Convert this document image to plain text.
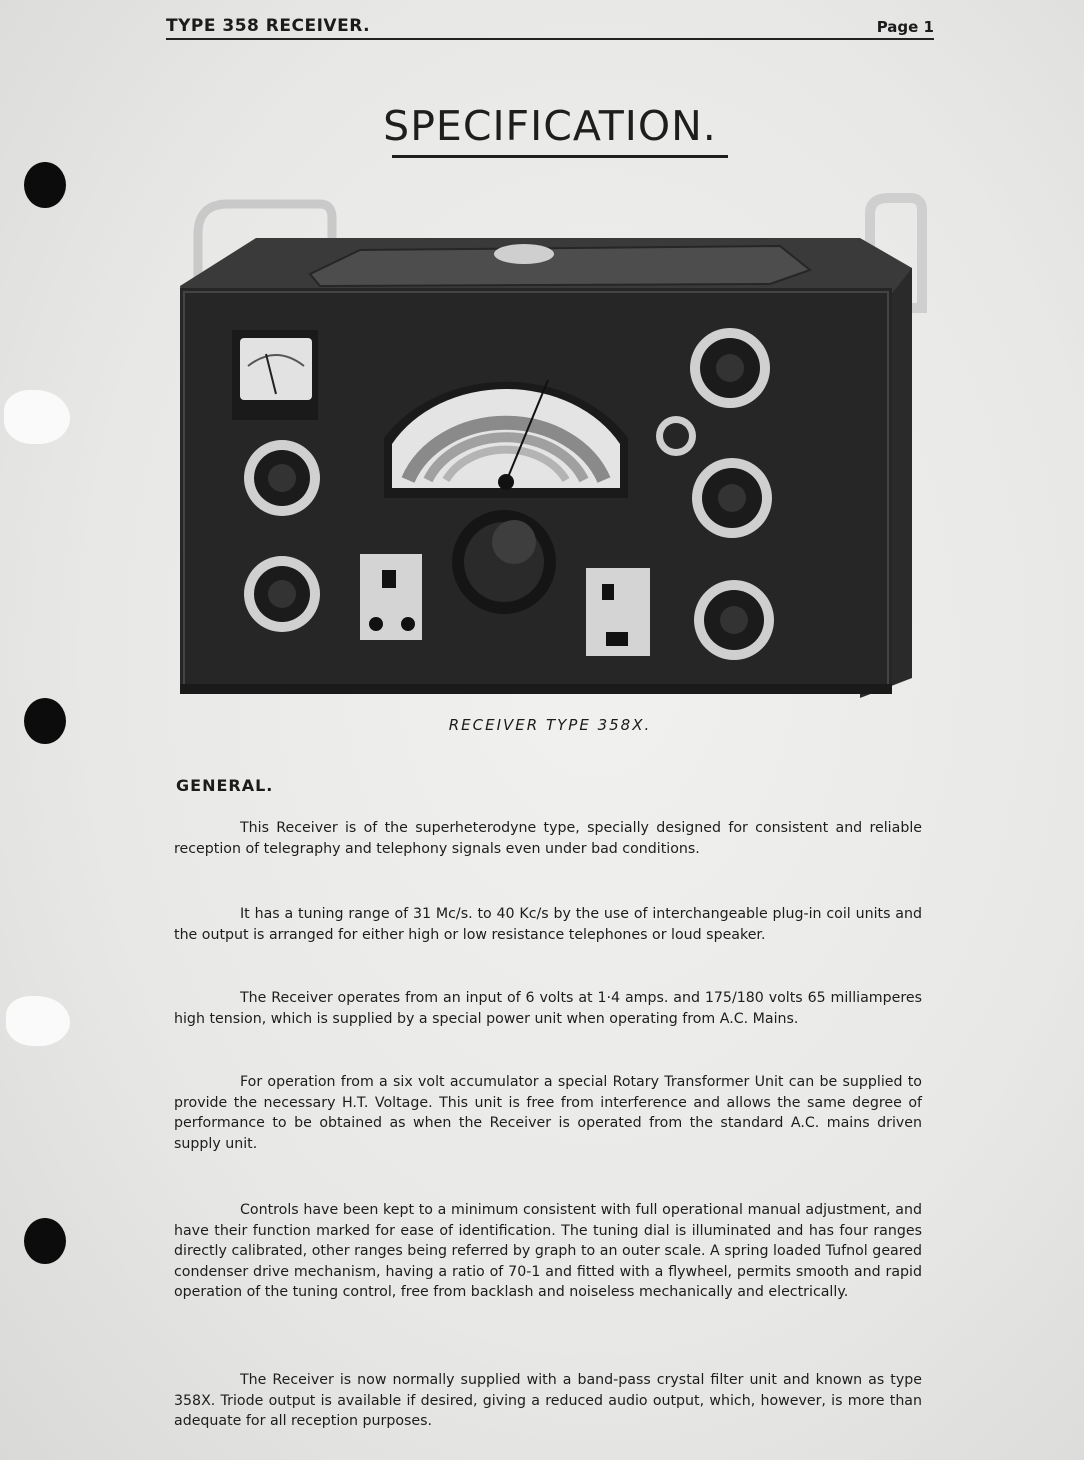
TYPE 358 RECEIVER.	Page 1
SPECIFICATION.
RECEIVER TYPE 358X.
GENERAL.
This Receiver is of the superheterodyne type, specially designed for consistent and reliable reception of telegraphy and telephony signals even under bad conditions.
It has a tuning range of 31 Mc/s. to 40 Kc/s by the use of interchangeable plug-in coil units and the output is arranged for either high or low resistance telephones or loud speaker.
The Receiver operates from an input of 6 volts at 1·4 amps. and 175/180 volts 65 milliamperes high tension, which is supplied by a special power unit when operating from A.C. Mains.
For operation from a six volt accumulator a special Rotary Transformer Unit can be supplied to provide the necessary H.T. Voltage. This unit is free from interference and allows the same degree of performance to be obtained as when the Receiver is operated from the standard A.C. mains driven supply unit.
Controls have been kept to a minimum consistent with full operational manual adjustment, and have their function marked for ease of identification. The tuning dial is illuminated and has four ranges directly calibrated, other ranges being referred by graph to an outer scale. A spring loaded Tufnol geared condenser drive mechanism, having a ratio of 70-1 and fitted with a flywheel, permits smooth and rapid operation of the tuning control, free from backlash and noiseless mechanically and electrically.
The Receiver is now normally supplied with a band-pass crystal filter unit and known as type 358X. Triode output is available if desired, giving a reduced audio output, which, however, is more than adequate for all reception purposes.
